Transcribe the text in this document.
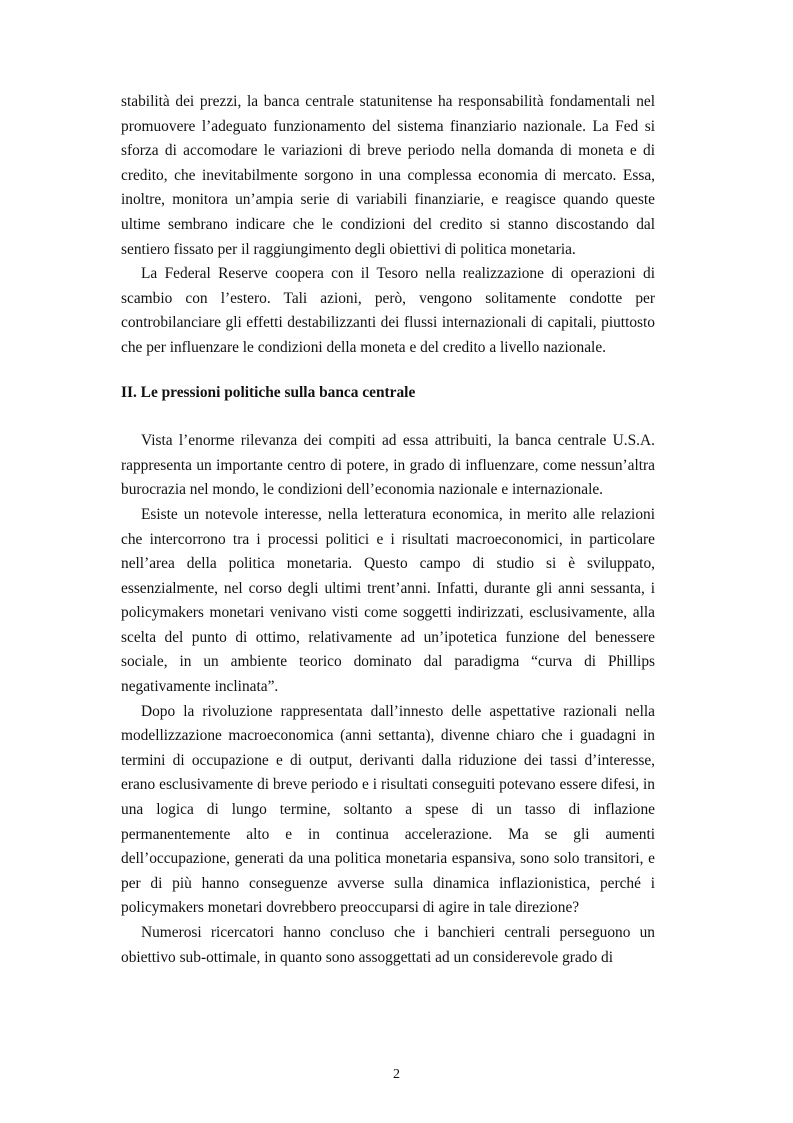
stabilità dei prezzi, la banca centrale statunitense ha responsabilità fondamentali nel promuovere l’adeguato funzionamento del sistema finanziario nazionale. La Fed si sforza di accomodare le variazioni di breve periodo nella domanda di moneta e di credito, che inevitabilmente sorgono in una complessa economia di mercato. Essa, inoltre, monitora un’ampia serie di variabili finanziarie, e reagisce quando queste ultime sembrano indicare che le condizioni del credito si stanno discostando dal sentiero fissato per il raggiungimento degli obiettivi di politica monetaria.

La Federal Reserve coopera con il Tesoro nella realizzazione di operazioni di scambio con l’estero. Tali azioni, però, vengono solitamente condotte per controbilanciare gli effetti destabilizzanti dei flussi internazionali di capitali, piuttosto che per influenzare le condizioni della moneta e del credito a livello nazionale.

II. Le pressioni politiche sulla banca centrale

Vista l’enorme rilevanza dei compiti ad essa attribuiti, la banca centrale U.S.A. rappresenta un importante centro di potere, in grado di influenzare, come nessun’altra burocrazia nel mondo, le condizioni dell’economia nazionale e internazionale.

Esiste un notevole interesse, nella letteratura economica, in merito alle relazioni che intercorrono tra i processi politici e i risultati macroeconomici, in particolare nell’area della politica monetaria. Questo campo di studio si è sviluppato, essenzialmente, nel corso degli ultimi trent’anni. Infatti, durante gli anni sessanta, i policymakers monetari venivano visti come soggetti indirizzati, esclusivamente, alla scelta del punto di ottimo, relativamente ad un’ipotetica funzione del benessere sociale, in un ambiente teorico dominato dal paradigma “curva di Phillips negativamente inclinata”.

Dopo la rivoluzione rappresentata dall’innesto delle aspettative razionali nella modellizzazione macroeconomica (anni settanta), divenne chiaro che i guadagni in termini di occupazione e di output, derivanti dalla riduzione dei tassi d’interesse, erano esclusivamente di breve periodo e i risultati conseguiti potevano essere difesi, in una logica di lungo termine, soltanto a spese di un tasso di inflazione permanentemente alto e in continua accelerazione. Ma se gli aumenti dell’occupazione, generati da una politica monetaria espansiva, sono solo transitori, e per di più hanno conseguenze avverse sulla dinamica inflazionistica, perché i policymakers monetari dovrebbero preoccuparsi di agire in tale direzione?

Numerosi ricercatori hanno concluso che i banchieri centrali perseguono un obiettivo sub-ottimale, in quanto sono assoggettati ad un considerevole grado di

2
